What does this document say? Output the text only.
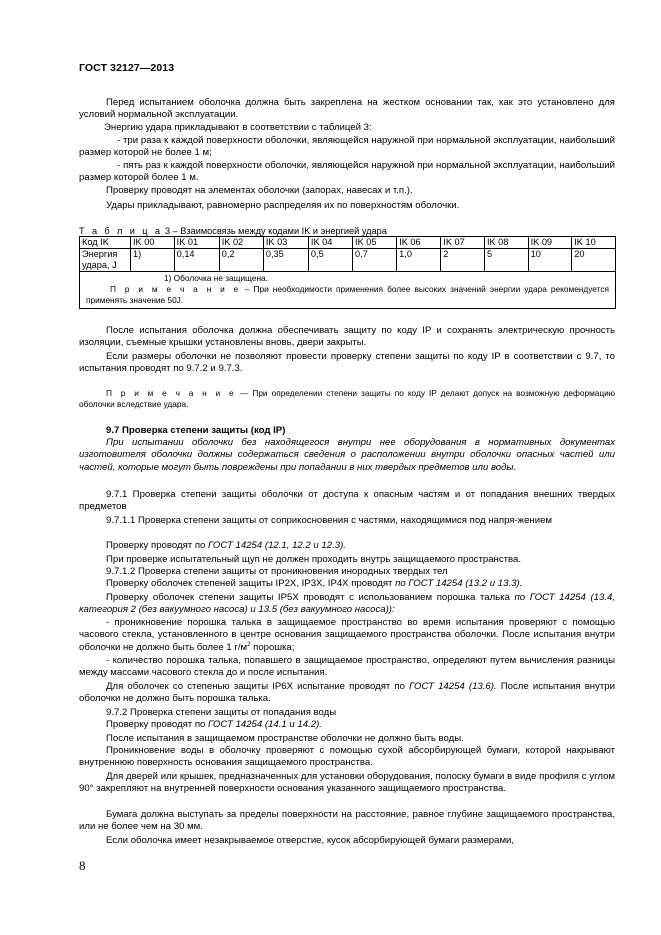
ГОСТ 32127—2013
Перед испытанием оболочка должна быть закреплена на жестком основании так, как это установлено для условий нормальной эксплуатации.
Энергию удара прикладывают в соответствии с таблицей 3:
- три раза к каждой поверхности оболочки, являющейся наружной при нормальной эксплуатации, наибольший размер которой не более 1 м;
- пять раз к каждой поверхности оболочки, являющейся наружной при нормальной эксплуатации, наибольший размер которой более 1 м.
Проверку проводят на элементах оболочки (запорах, навесах и т.п.).
Удары прикладывают, равномерно распределяя их по поверхностям оболочки.
Т а б л и ц а 3 – Взаимосвязь между кодами IK и энергией удара
Код IK	IK 00	IK 01	IK 02	IK 03	IK 04	IK 05	IK 06	IK 07	IK 08	IK 09	IK 10
Энергия удара, J	1)	0,14	0,2	0,35	0,5	0,7	1,0	2	5	10	20

1) Оболочка не защищена.
П р и м е ч а н и е – При необходимости применения более высоких значений энергии удара рекомендуется применять значение 50J.											
После испытания оболочка должна обеспечивать защиту по коду IP и сохранять электрическую прочность изоляции, съемные крышки установлены вновь, двери закрыты.
Если размеры оболочки не позволяют провести проверку степени защиты по коду IP в соответствии с 9.7, то испытания проводят по 9.7.2 и 9.7.3.
П р и м е ч а н и е — При определении степени защиты по коду IP делают допуск на возможную деформацию оболочки вследствие удара.
9.7 Проверка степени защиты (код IP)
При испытании оболочки без находящегося внутри нее оборудования в нормативных документах изготовителя оболочки должны содержаться сведения о расположении внутри оболочки опасных частей или частей, которые могут быть повреждены при попадании в них твердых предметов или воды.
9.7.1 Проверка степени защиты оболочки от доступа к опасным частям и от попадания внешних твердых предметов
9.7.1.1 Проверка степени защиты от соприкосновения с частями, находящимися под напря-жением
Проверку проводят по ГОСТ 14254 (12.1, 12.2 и 12.3).
При проверке испытательный щуп не должен проходить внутрь защищаемого пространства.
9.7.1.2 Проверка степени защиты от проникновения инородных твердых тел
Проверку оболочек степеней защиты IP2X, IP3X, IP4X проводят по ГОСТ 14254 (13.2 и 13.3).
Проверку оболочек степени защиты IP5X проводят с использованием порошка талька по ГОСТ 14254 (13.4, категория 2 (без вакуумного насоса) и 13.5 (без вакуумного насоса)):
- проникновение порошка талька в защищаемое пространство во время испытания проверяют с помощью часового стекла, установленного в центре основания защищаемого пространства оболочки. После испытания внутри оболочки не должно быть более 1 $г/м^2$ порошка;
- количество порошка талька, попавшего в защищаемое пространство, определяют путем вычисления разницы между массами часового стекла до и после испытания.
Для оболочек со степенью защиты IP6X испытание проводят по ГОСТ 14254 (13.6). После испытания внутри оболочки не должно быть порошка талька.
9.7.2 Проверка степени защиты от попадания воды
Проверку проводят по ГОСТ 14254 (14.1 и 14.2).
После испытания в защищаемом пространстве оболочки не должно быть воды.
Проникновение воды в оболочку проверяют с помощью сухой абсорбирующей бумаги, которой накрывают внутреннюю поверхность основания защищаемого пространства.
Для дверей или крышек, предназначенных для установки оборудования, полоску бумаги в виде профиля с углом 90° закрепляют на внутренней поверхности основания указанного защищаемого пространства.
Бумага должна выступать за пределы поверхности на расстояние, равное глубине защищаемого пространства, или не более чем на 30 мм.
Если оболочка имеет незакрываемое отверстие, кусок абсорбирующей бумаги размерами,
8
